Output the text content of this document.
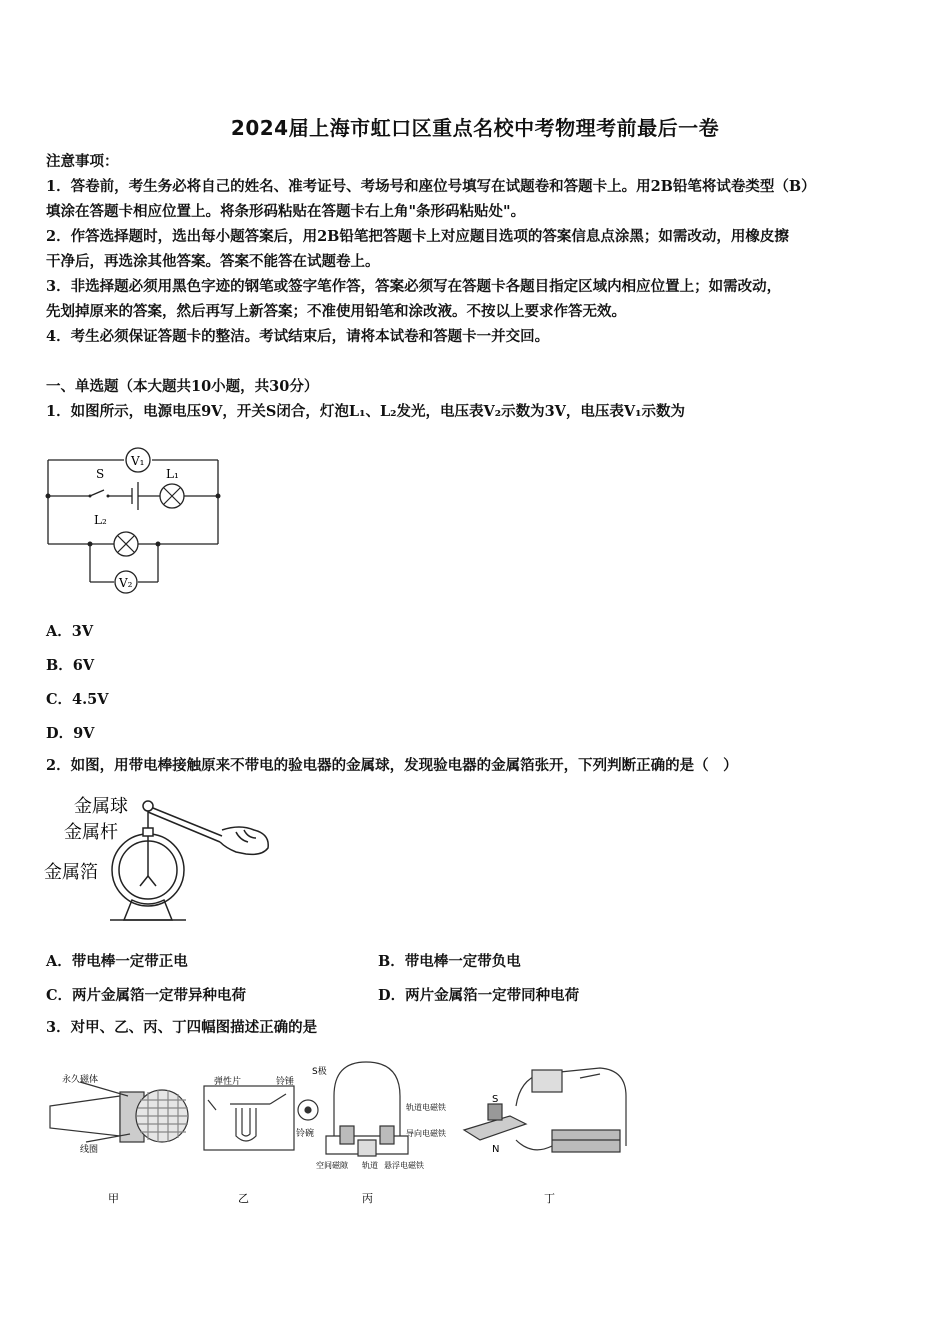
2024届上海市虹口区重点名校中考物理考前最后一卷
注意事项：
1．答卷前，考生务必将自己的姓名、准考证号、考场号和座位号填写在试题卷和答题卡上。用2B铅笔将试卷类型（B）
填涂在答题卡相应位置上。将条形码粘贴在答题卡右上角"条形码粘贴处"。
2．作答选择题时，选出每小题答案后，用2B铅笔把答题卡上对应题目选项的答案信息点涂黑；如需改动，用橡皮擦
干净后，再选涂其他答案。答案不能答在试题卷上。
3．非选择题必须用黑色字迹的钢笔或签字笔作答，答案必须写在答题卡各题目指定区域内相应位置上；如需改动，
先划掉原来的答案，然后再写上新答案；不准使用铅笔和涂改液。不按以上要求作答无效。
4．考生必须保证答题卡的整洁。考试结束后，请将本试卷和答题卡一并交回。
一、单选题（本大题共10小题，共30分）
1．如图所示，电源电压9V，开关S闭合，灯泡L₁、L₂发光，电压表V₂示数为3V，电压表V₁示数为
V₁
L₁
S
L₂
V₂
A．3V
B．6V
C．4.5V
D．9V
2．如图，用带电棒接触原来不带电的验电器的金属球，发现验电器的金属箔张开，下列判断正确的是（　）
金属球
金属杆
金属箔
A．带电棒一定带正电	B．带电棒一定带负电
C．两片金属箔一定带异种电荷	D．两片金属箔一定带同种电荷
3．对甲、乙、丙、丁四幅图描述正确的是
永久磁体
线圈
弹性片	铃锤
铃碗
S极
轨道电磁铁
导向电磁铁
空间磁隙 轨道 悬浮电磁铁
S
N
甲	乙	丙	丁
